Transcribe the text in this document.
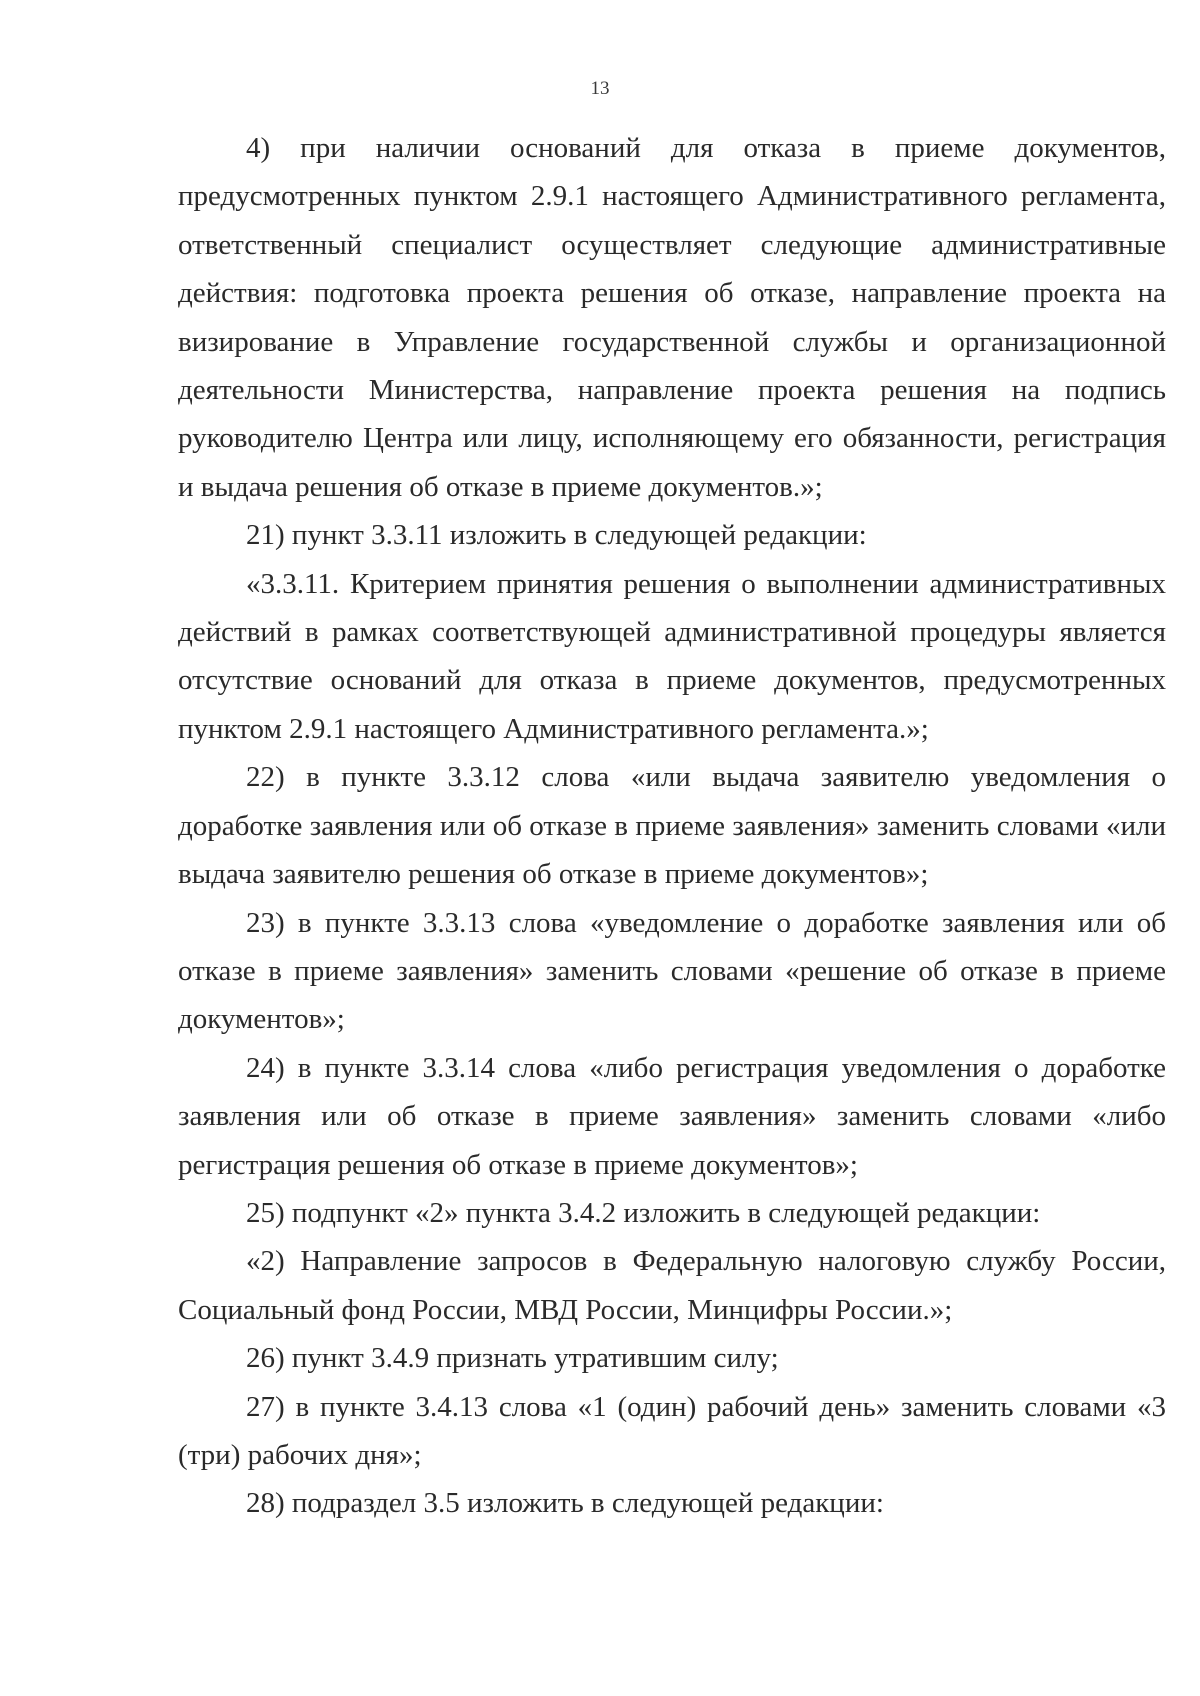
13

4) при наличии оснований для отказа в приеме документов, предусмотренных пунктом 2.9.1 настоящего Административного регламента, ответственный специалист осуществляет следующие административные действия: подготовка проекта решения об отказе, направление проекта на визирование в Управление государственной службы и организационной деятельности Министерства, направление проекта решения на подпись руководителю Центра или лицу, исполняющему его обязанности, регистрация и выдача решения об отказе в приеме документов.»;

21) пункт 3.3.11 изложить в следующей редакции:

«3.3.11. Критерием принятия решения о выполнении административных действий в рамках соответствующей административной процедуры является отсутствие оснований для отказа в приеме документов, предусмотренных пунктом 2.9.1 настоящего Административного регламента.»;

22) в пункте 3.3.12 слова «или выдача заявителю уведомления о доработке заявления или об отказе в приеме заявления» заменить словами «или выдача заявителю решения об отказе в приеме документов»;

23) в пункте 3.3.13 слова «уведомление о доработке заявления или об отказе в приеме заявления» заменить словами «решение об отказе в приеме документов»;

24) в пункте 3.3.14 слова «либо регистрация уведомления о доработке заявления или об отказе в приеме заявления» заменить словами «либо регистрация решения об отказе в приеме документов»;

25) подпункт «2» пункта 3.4.2 изложить в следующей редакции:

«2) Направление запросов в Федеральную налоговую службу России, Социальный фонд России, МВД России, Минцифры России.»;

26) пункт 3.4.9 признать утратившим силу;

27) в пункте 3.4.13 слова «1 (один) рабочий день» заменить словами «3 (три) рабочих дня»;

28) подраздел 3.5 изложить в следующей редакции:
